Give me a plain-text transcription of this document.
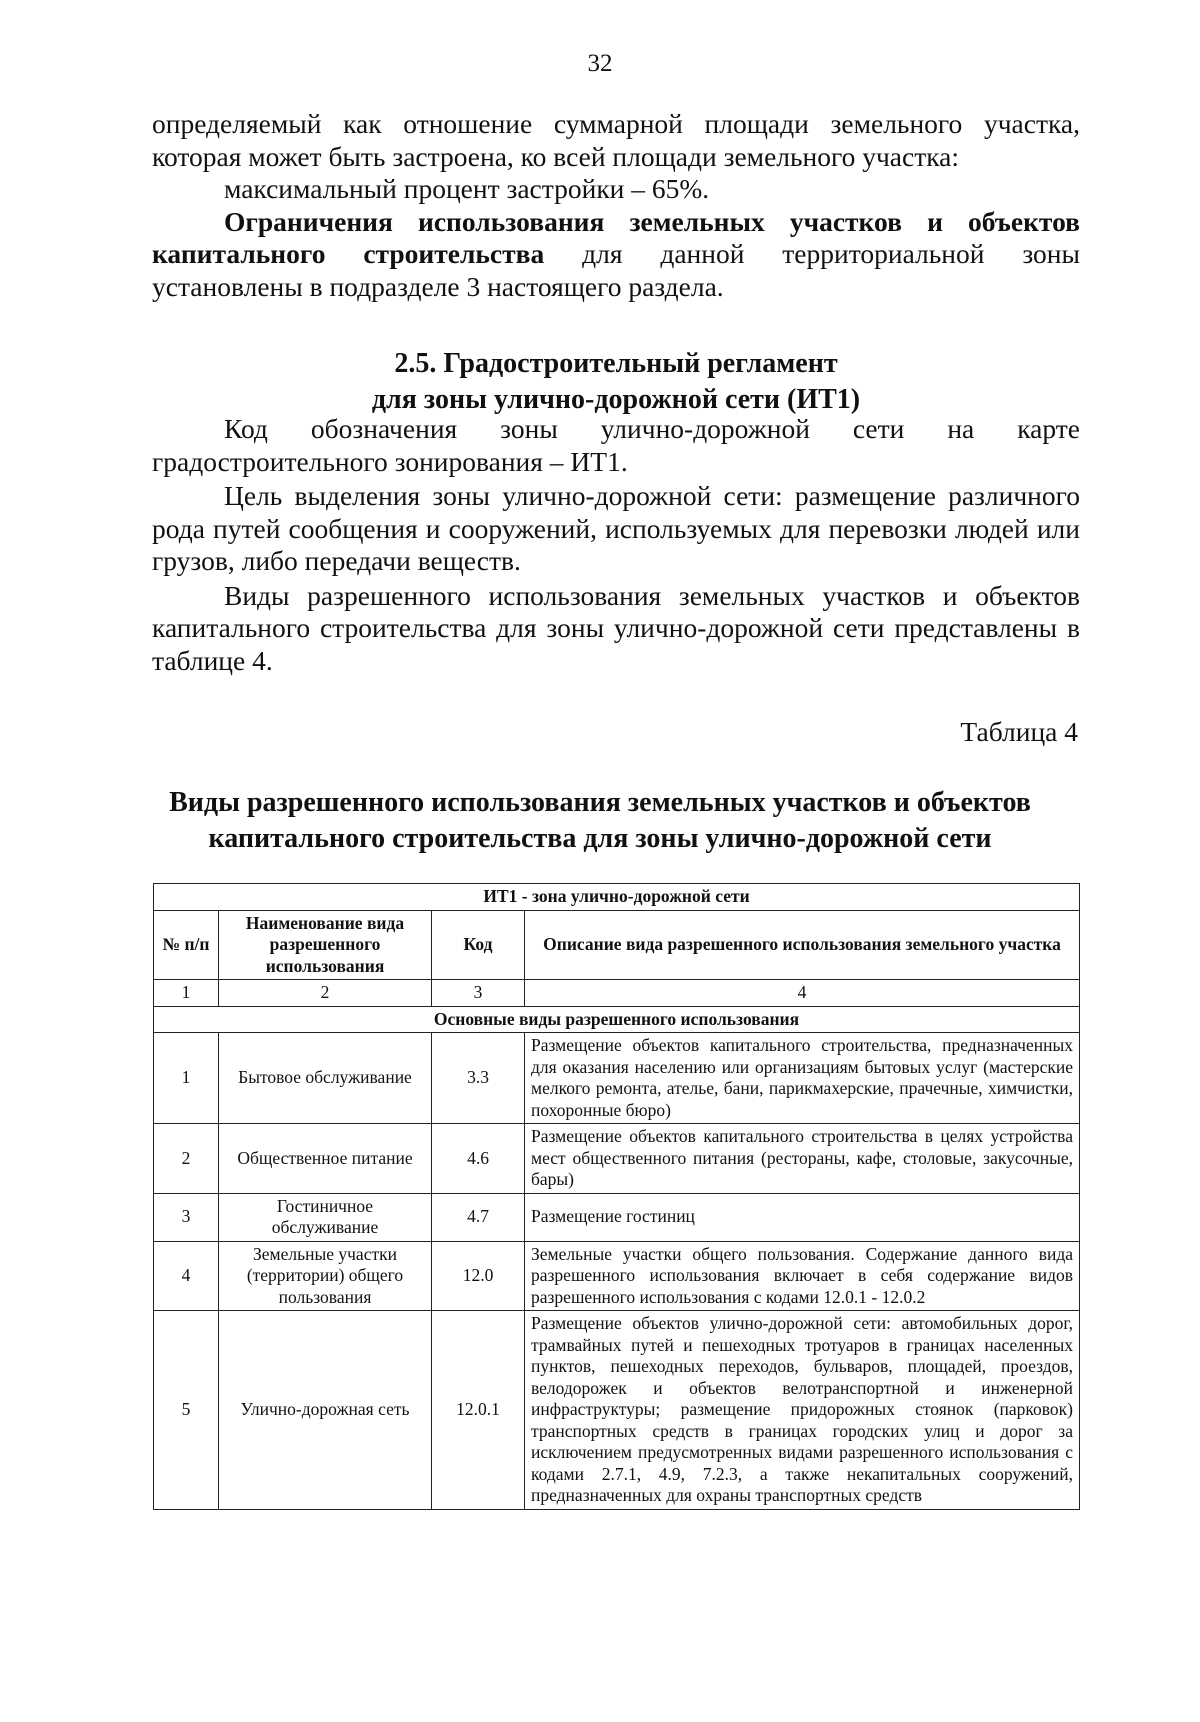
32

определяемый как отношение суммарной площади земельного участка, которая может быть застроена, ко всей площади земельного участка:

максимальный процент застройки – 65%.

Ограничения использования земельных участков и объектов капитального строительства для данной территориальной зоны установлены в подразделе 3 настоящего раздела.

2.5. Градостроительный регламент
для зоны улично-дорожной сети (ИТ1)

Код обозначения зоны улично-дорожной сети на карте градостроительного зонирования – ИТ1.

Цель выделения зоны улично-дорожной сети: размещение различного рода путей сообщения и сооружений, используемых для перевозки людей или грузов, либо передачи веществ.

Виды разрешенного использования земельных участков и объектов капитального строительства для зоны улично-дорожной сети представлены в таблице 4.

Таблица 4
Виды разрешенного использования земельных участков и объектов
капитального строительства для зоны улично-дорожной сети
ИТ1 - зона улично-дорожной сети			
№ п/п	Наименование вида разрешенного использования	Код	Описание вида разрешенного использования земельного участка
1	2	3	4
Основные виды разрешенного использования			
1	Бытовое обслуживание	3.3	Размещение объектов капитального строительства, предназначенных для оказания населению или организациям бытовых услуг (мастерские мелкого ремонта, ателье, бани, парикмахерские, прачечные, химчистки, похоронные бюро)
2	Общественное питание	4.6	Размещение объектов капитального строительства в целях устройства мест общественного питания (рестораны, кафе, столовые, закусочные, бары)
3	Гостиничное обслуживание	4.7	Размещение гостиниц
4	Земельные участки (территории) общего пользования	12.0	Земельные участки общего пользования. Содержание данного вида разрешенного использования включает в себя содержание видов разрешенного использования с кодами 12.0.1 - 12.0.2
5	Улично-дорожная сеть	12.0.1	Размещение объектов улично-дорожной сети: автомобильных дорог, трамвайных путей и пешеходных тротуаров в границах населенных пунктов, пешеходных переходов, бульваров, площадей, проездов, велодорожек и объектов велотранспортной и инженерной инфраструктуры; размещение придорожных стоянок (парковок) транспортных средств в границах городских улиц и дорог за исключением предусмотренных видами разрешенного использования с кодами 2.7.1, 4.9, 7.2.3, а также некапитальных сооружений, предназначенных для охраны транспортных средств
